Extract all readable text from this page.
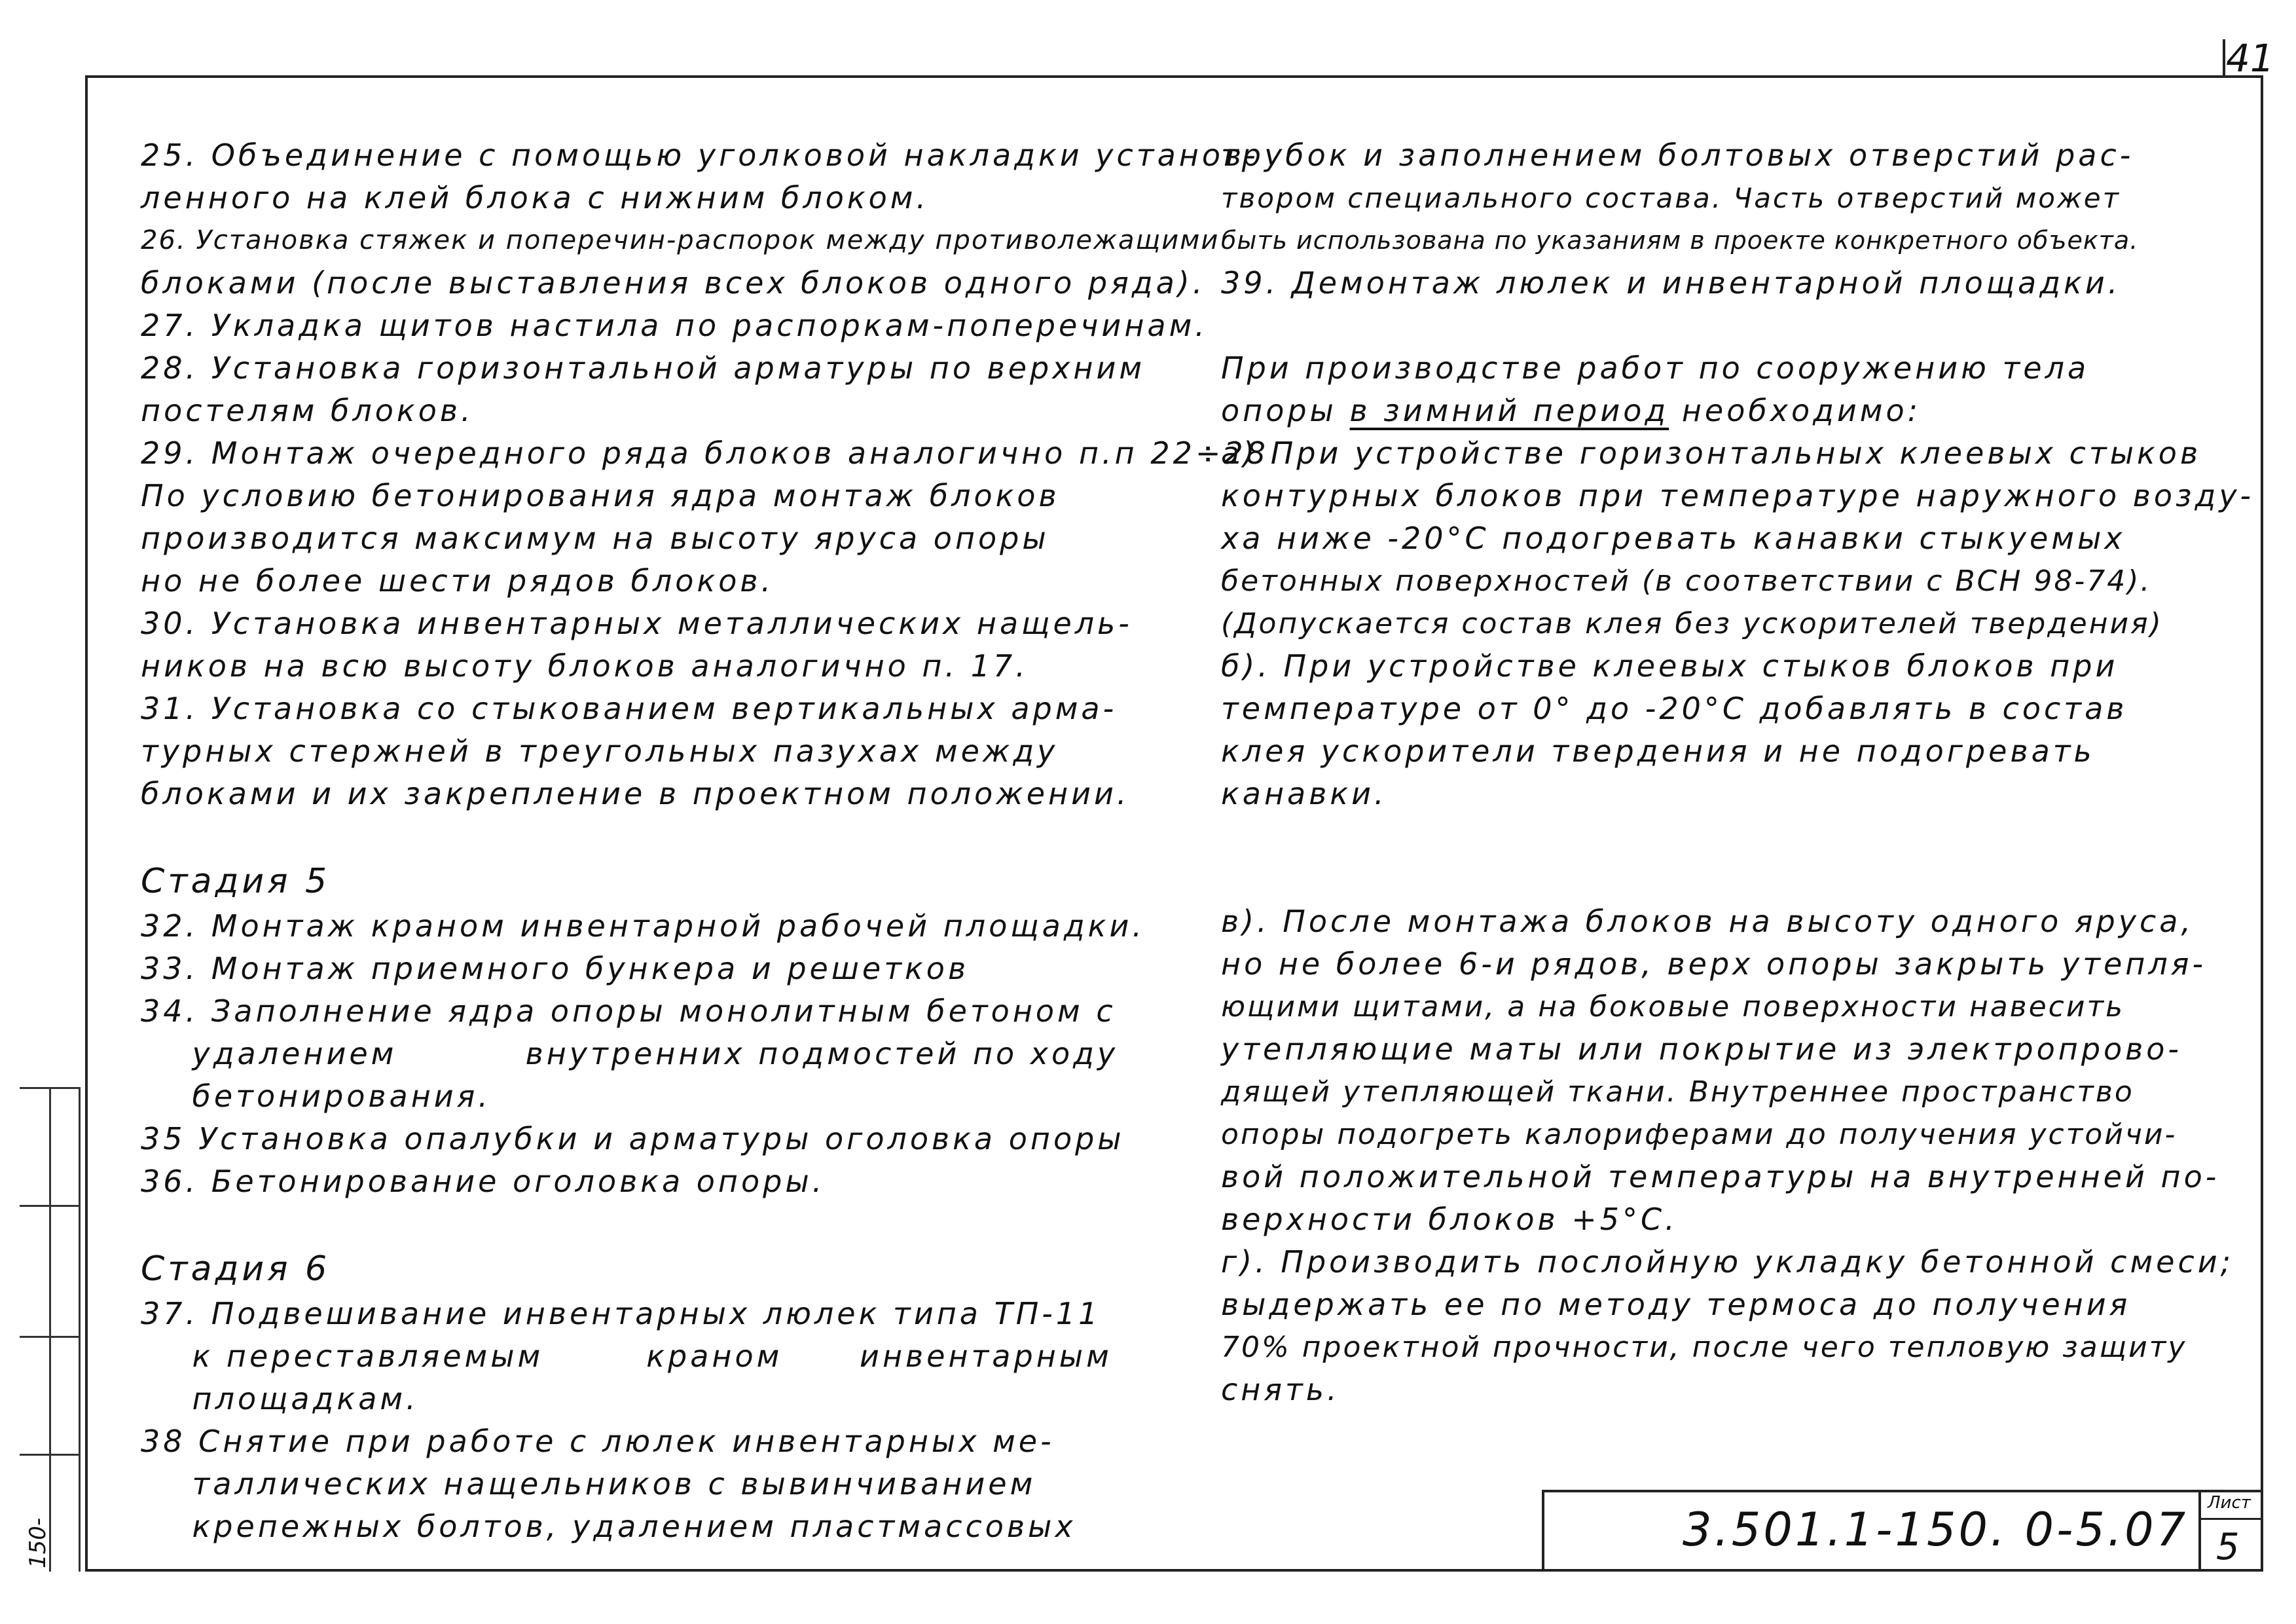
41

25. Объединение с помощью уголковой накладки установ-

ленного на клей блока с нижним блоком.

26. Установка стяжек и поперечин-распорок между противолежащими

блоками (после выставления всех блоков одного ряда).

27. Укладка щитов настила по распоркам-поперечинам.

28. Установка горизонтальной арматуры по верхним

постелям блоков.

29. Монтаж очередного ряда блоков аналогично п.п 22÷28

По условию бетонирования ядра монтаж блоков

производится максимум на высоту яруса опоры

но не более шести рядов блоков.

30. Установка инвентарных металлических нащель-

ников на всю высоту блоков аналогично п. 17.

31. Установка со стыкованием вертикальных арма-

турных стержней в треугольных пазухах между

блоками и их закрепление в проектном положении.

Стадия 5

32. Монтаж краном инвентарной рабочей площадки.

33. Монтаж приемного бункера и решетков

34. Заполнение ядра опоры монолитным бетоном с

удалением          внутренних подмостей по ходу

бетонирования.

35 Установка опалубки и арматуры оголовка опоры

36. Бетонирование оголовка опоры.

Стадия 6

37. Подвешивание инвентарных люлек типа ТП-11

к переставляемым        краном      инвентарным

площадкам.

38 Снятие при работе с люлек инвентарных ме-

таллических нащельников с вывинчиванием

крепежных болтов, удалением пластмассовых

трубок и заполнением болтовых отверстий рас-

твором специального состава. Часть отверстий может

быть использована по указаниям в проекте конкретного объекта.

39. Демонтаж люлек и инвентарной площадки.

При производстве работ по сооружению тела

опоры в зимний период необходимо:

а) При устройстве горизонтальных клеевых стыков

контурных блоков при температуре наружного возду-

ха ниже -20°С подогревать канавки стыкуемых

бетонных поверхностей (в соответствии с ВСН 98-74).

(Допускается состав клея без ускорителей твердения)

б). При устройстве клеевых стыков блоков при

температуре от 0° до -20°С добавлять в состав

клея ускорители твердения и не подогревать

канавки.

в). После монтажа блоков на высоту одного яруса,

но не более 6-и рядов, верх опоры закрыть утепля-

ющими щитами, а на боковые поверхности навесить

утепляющие маты или покрытие из электропрово-

дящей утепляющей ткани. Внутреннее пространство

опоры подогреть калориферами до получения устойчи-

вой положительной температуры на внутренней по-

верхности блоков +5°С.

г). Производить послойную укладку бетонной смеси;

выдержать ее по методу термоса до получения

70% проектной прочности, после чего тепловую защиту

снять.

150-	3.501.1-150. 0-5.07 Лист
5
